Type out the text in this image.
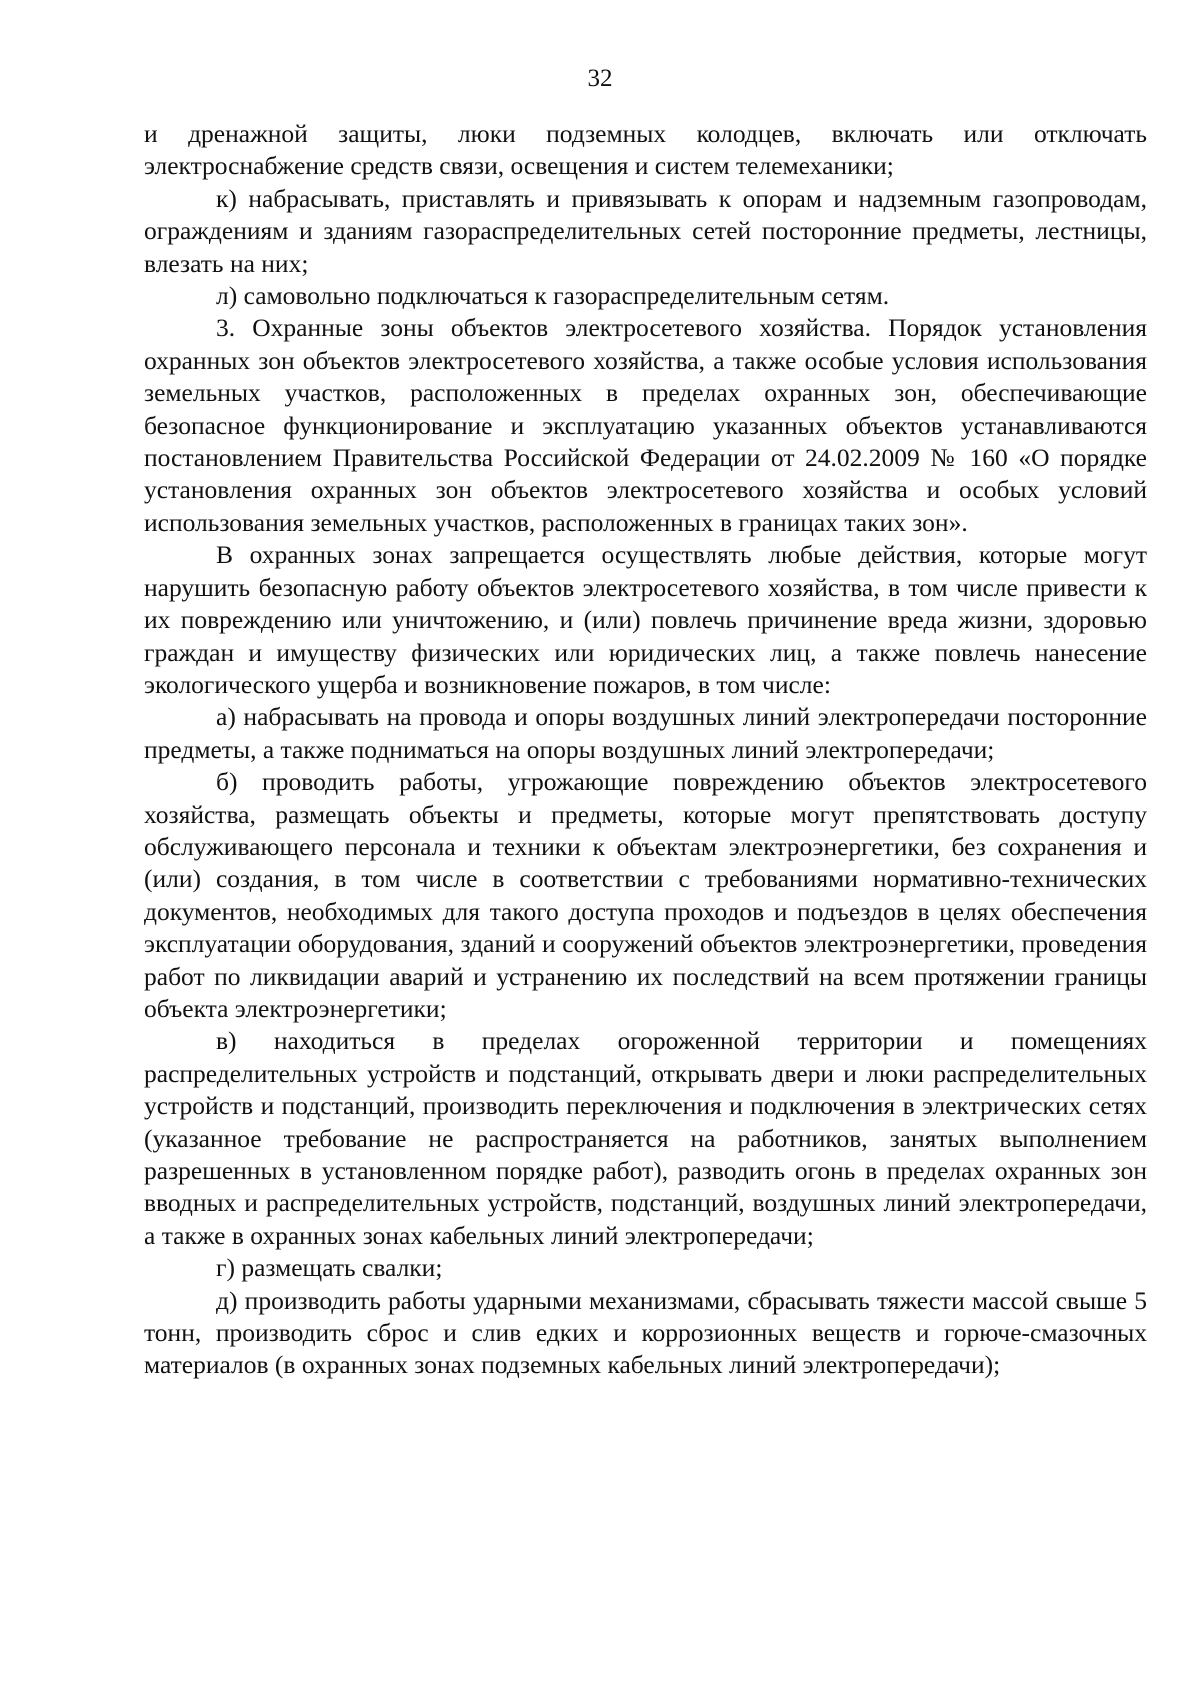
32

и дренажной защиты, люки подземных колодцев, включать или отключать электроснабжение средств связи, освещения и систем телемеханики;

к) набрасывать, приставлять и привязывать к опорам и надземным газопроводам, ограждениям и зданиям газораспределительных сетей посторонние предметы, лестницы, влезать на них;

л) самовольно подключаться к газораспределительным сетям.

3. Охранные зоны объектов электросетевого хозяйства. Порядок установления охранных зон объектов электросетевого хозяйства, а также особые условия использования земельных участков, расположенных в пределах охранных зон, обеспечивающие безопасное функционирование и эксплуатацию указанных объектов устанавливаются постановлением Правительства Российской Федерации от 24.02.2009 № 160 «О порядке установления охранных зон объектов электросетевого хозяйства и особых условий использования земельных участков, расположенных в границах таких зон».

В охранных зонах запрещается осуществлять любые действия, которые могут нарушить безопасную работу объектов электросетевого хозяйства, в том числе привести к их повреждению или уничтожению, и (или) повлечь причинение вреда жизни, здоровью граждан и имуществу физических или юридических лиц, а также повлечь нанесение экологического ущерба и возникновение пожаров, в том числе:

а) набрасывать на провода и опоры воздушных линий электропередачи посторонние предметы, а также подниматься на опоры воздушных линий электропередачи;

б) проводить работы, угрожающие повреждению объектов электросетевого хозяйства, размещать объекты и предметы, которые могут препятствовать доступу обслуживающего персонала и техники к объектам электроэнергетики, без сохранения и (или) создания, в том числе в соответствии с требованиями нормативно-технических документов, необходимых для такого доступа проходов и подъездов в целях обеспечения эксплуатации оборудования, зданий и сооружений объектов электроэнергетики, проведения работ по ликвидации аварий и устранению их последствий на всем протяжении границы объекта электроэнергетики;

в) находиться в пределах огороженной территории и помещениях распределительных устройств и подстанций, открывать двери и люки распределительных устройств и подстанций, производить переключения и подключения в электрических сетях (указанное требование не распространяется на работников, занятых выполнением разрешенных в установленном порядке работ), разводить огонь в пределах охранных зон вводных и распределительных устройств, подстанций, воздушных линий электропередачи, а также в охранных зонах кабельных линий электропередачи;

г) размещать свалки;

д) производить работы ударными механизмами, сбрасывать тяжести массой свыше 5 тонн, производить сброс и слив едких и коррозионных веществ и горюче-смазочных материалов (в охранных зонах подземных кабельных линий электропередачи);
